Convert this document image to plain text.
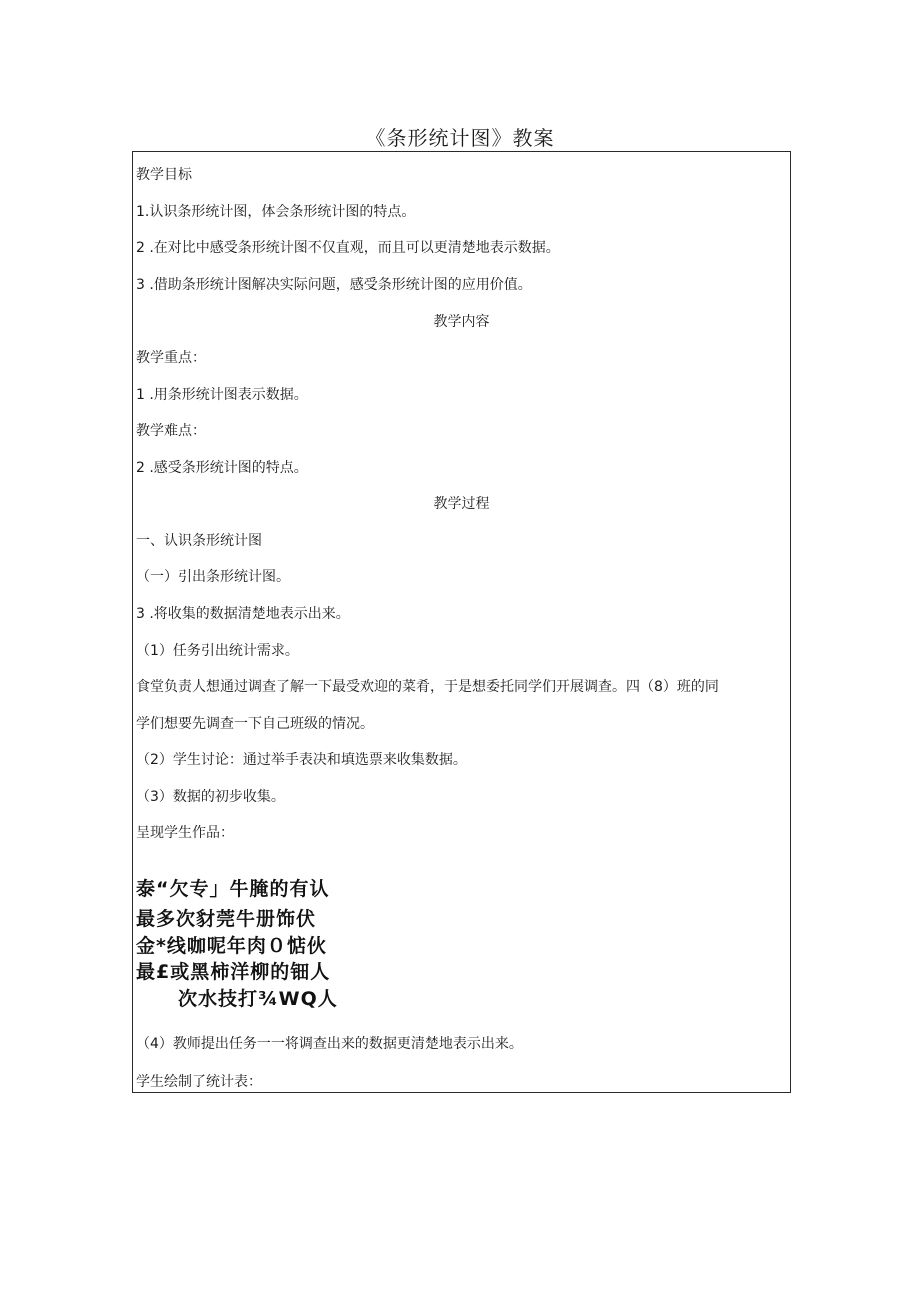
《条形统计图》教案
教学目标
1.认识条形统计图，体会条形统计图的特点。
2 .在对比中感受条形统计图不仅直观，而且可以更清楚地表示数据。
3 .借助条形统计图解决实际问题，感受条形统计图的应用价值。
教学内容
教学重点：
1 .用条形统计图表示数据。
教学难点：
2 .感受条形统计图的特点。
教学过程
一、认识条形统计图
（一）引出条形统计图。
3 .将收集的数据清楚地表示出来。
（1）任务引出统计需求。
食堂负责人想通过调查了解一下最受欢迎的菜肴，于是想委托同学们开展调查。四（8）班的同
学们想要先调查一下自己班级的情况。
（2）学生讨论：通过举手表决和填选票来收集数据。
（3）数据的初步收集。
呈现学生作品：
泰“欠专」牛腌的有认
最多次豺莞牛册饰伏
金*线咖呢年肉０惦伙
最£或黑柿洋柳的钿人
次水技打¾WQ人
（4）教师提出任务一一将调查出来的数据更清楚地表示出来。
学生绘制了统计表：
